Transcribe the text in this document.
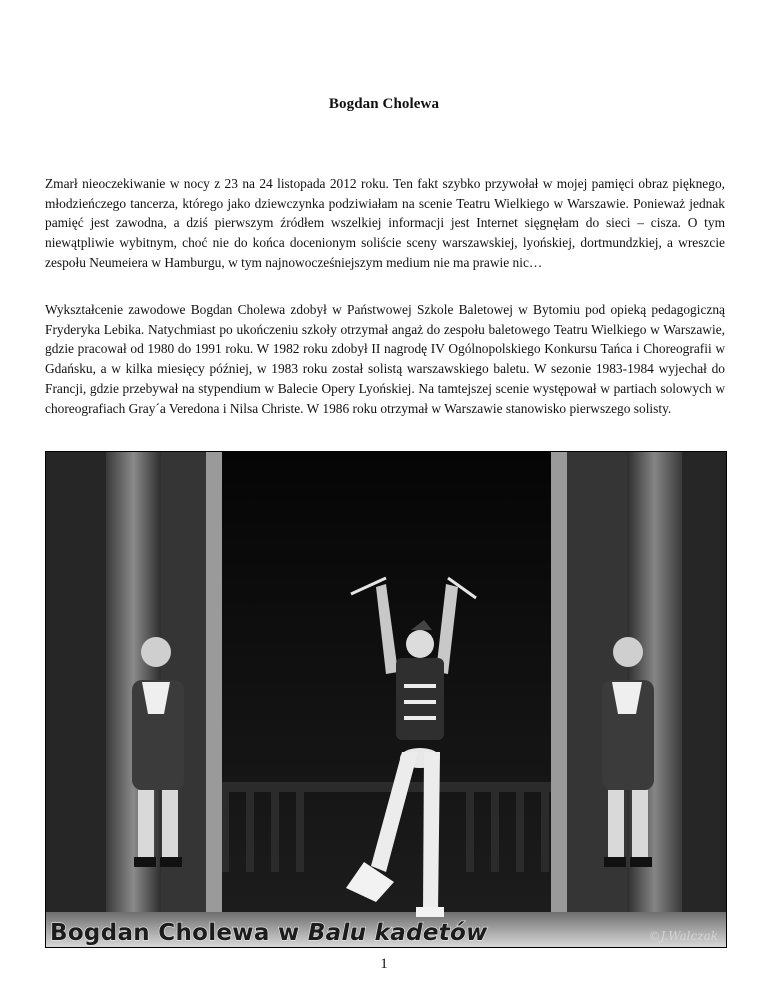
Bogdan Cholewa

Zmarł nieoczekiwanie w nocy z 23 na 24 listopada 2012 roku. Ten fakt szybko przywołał w mojej pamięci obraz pięknego, młodzieńczego tancerza, którego jako dziewczynka podziwiałam na scenie Teatru Wielkiego w Warszawie. Ponieważ jednak pamięć jest zawodna, a dziś pierwszym źródłem wszelkiej informacji jest Internet sięgnęłam do sieci – cisza. O tym niewątpliwie wybitnym, choć nie do końca docenionym soliście sceny warszawskiej, lyońskiej, dortmundzkiej, a wreszcie zespołu Neumeiera w Hamburgu, w tym najnowocześniejszym medium nie ma prawie nic…

Wykształcenie zawodowe Bogdan Cholewa zdobył w Państwowej Szkole Baletowej w Bytomiu pod opieką pedagogiczną Fryderyka Lebika. Natychmiast po ukończeniu szkoły otrzymał angaż do zespołu baletowego Teatru Wielkiego w Warszawie, gdzie pracował od 1980 do 1991 roku. W 1982 roku zdobył II nagrodę IV Ogólnopolskiego Konkursu Tańca i Choreografii w Gdańsku, a w kilka miesięcy później, w 1983 roku został solistą warszawskiego baletu. W sezonie 1983-1984 wyjechał do Francji, gdzie przebywał na stypendium w Balecie Opery Lyońskiej. Na tamtejszej scenie występował w partiach solowych w choreografiach Gray´a Veredona i Nilsa Christe. W 1986 roku otrzymał w Warszawie stanowisko pierwszego solisty.

Bogdan Cholewa w Balu kadetów	©J.Walczak
1
